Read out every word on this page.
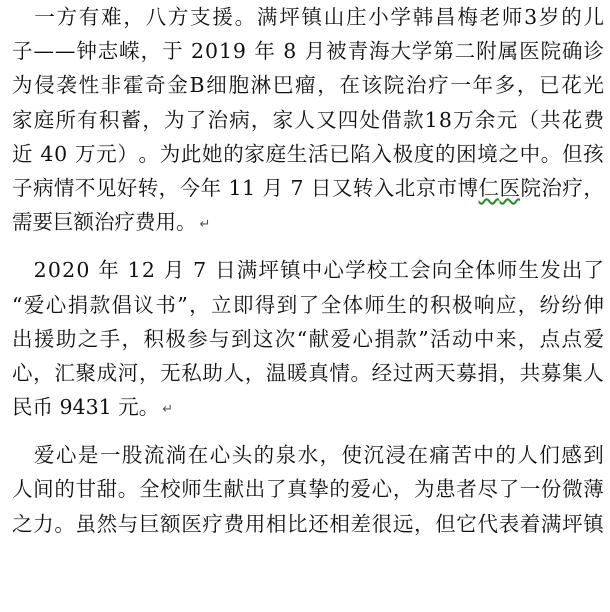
一 方 有 难 ， 八 方 支 援 。 满 坪 镇 山 庄 小 学 韩 昌 梅 老 师 3 岁 的 儿
子 — — 钟 志 嵘 ， 于
2 0 1 9
年
8
月 被 青 海 大 学 第 二 附 属 医 院 确 诊
为 侵 袭 性 非 霍 奇 金 B 细 胞 淋 巴 瘤 ， 在 该 院 治 疗 一 年 多 ， 已 花 光
家 庭 所 有 积 蓄 ， 为 了 治 病 ， 家 人 又 四 处 借 款 1 8 万 余 元 （ 共 花 费
近
4 0
万 元 ） 。 为 此 她 的 家 庭 生 活 已 陷 入 极 度 的 困 境 之 中 。 但 孩
子 病 情 不 见 好 转 ， 今 年
1 1
月
7
日 又 转 入 北 京 市 博 仁 医 院 治 疗 ，
需要巨额治疗费用。 ↵

2 0 2 0
年
1 2
月
7
日 满 坪 镇 中 心 学 校 工 会 向 全 体 师 生 发 出 了
“ 爱 心 捐 款 倡 议 书 ” ， 立 即 得 到 了 全 体 师 生 的 积 极 响 应 ， 纷 纷 伸
出 援 助 之 手 ， 积 极 参 与 到 这 次 “ 献 爱 心 捐 款 ” 活 动 中 来 ， 点 点 爱
心 ， 汇 聚 成 河 ， 无 私 助 人 ， 温 暖 真 情 。 经 过 两 天 募 捐 ， 共 募 集 人
民币 9431 元。 ↵

爱 心 是 一 股 流 淌 在 心 头 的 泉 水 ， 使 沉 浸 在 痛 苦 中 的 人 们 感 到
人 间 的 甘 甜 。 全 校 师 生 献 出 了 真 挚 的 爱 心 ， 为 患 者 尽 了 一 份 微 薄
之 力 。 虽 然 与 巨 额 医 疗 费 用 相 比 还 相 差 很 远 ， 但 它 代 表 着 满 坪 镇
